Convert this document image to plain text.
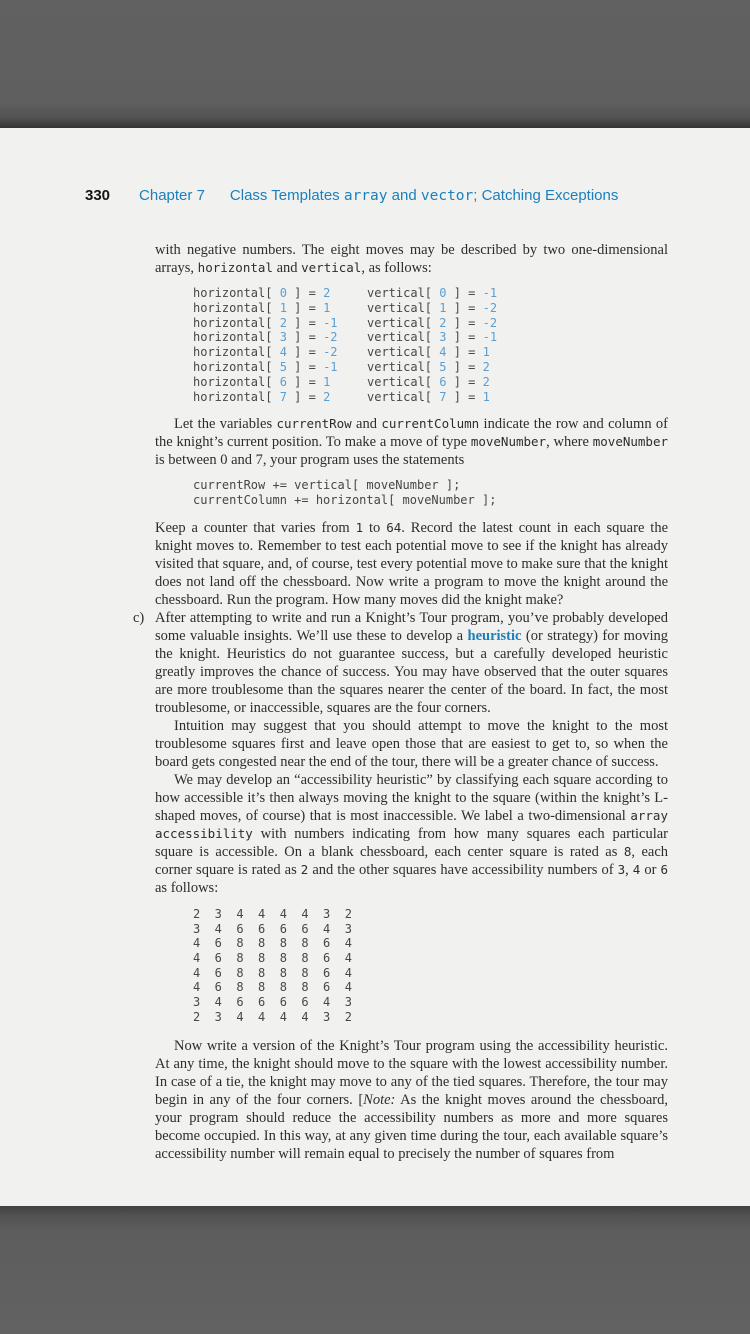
330 Chapter 7 Class Templates array and vector; Catching Exceptions
with negative numbers. The eight moves may be described by two one-dimensional arrays, horizontal and vertical, as follows:
horizontal[ 0 ] = 2	vertical[ 0 ] = -1
horizontal[ 1 ] = 1	vertical[ 1 ] = -2
horizontal[ 2 ] = -1 vertical[ 2 ] = -2
horizontal[ 3 ] = -2 vertical[ 3 ] = -1
horizontal[ 4 ] = -2 vertical[ 4 ] = 1
horizontal[ 5 ] = -1 vertical[ 5 ] = 2
horizontal[ 6 ] = 1	vertical[ 6 ] = 2
horizontal[ 7 ] = 2	vertical[ 7 ] = 1
Let the variables currentRow and currentColumn indicate the row and column of the knight’s current position. To make a move of type moveNumber, where moveNumber is between 0 and 7, your program uses the statements
currentRow += vertical[ moveNumber ];
currentColumn += horizontal[ moveNumber ];
Keep a counter that varies from 1 to 64. Record the latest count in each square the knight moves to. Remember to test each potential move to see if the knight has already visited that square, and, of course, test every potential move to make sure that the knight does not land off the chessboard. Now write a program to move the knight around the chessboard. Run the program. How many moves did the knight make?
c) After attempting to write and run a Knight’s Tour program, you’ve probably developed some valuable insights. We’ll use these to develop a heuristic (or strategy) for moving the knight. Heuristics do not guarantee success, but a carefully developed heuristic greatly improves the chance of success. You may have observed that the outer squares are more troublesome than the squares nearer the center of the board. In fact, the most troublesome, or inaccessible, squares are the four corners.
Intuition may suggest that you should attempt to move the knight to the most troublesome squares first and leave open those that are easiest to get to, so when the board gets congested near the end of the tour, there will be a greater chance of success.
We may develop an “accessibility heuristic” by classifying each square according to how accessible it’s then always moving the knight to the square (within the knight’s L-shaped moves, of course) that is most inaccessible. We label a two-dimensional array accessibility with numbers indicating from how many squares each particular square is accessible. On a blank chessboard, each center square is rated as 8, each corner square is rated as 2 and the other squares have accessibility numbers of 3, 4 or 6 as follows:
2  3  4  4  4  4  3  2
3  4  6  6  6  6  4  3
4  6  8  8  8  8  6  4
4  6  8  8  8  8  6  4
4  6  8  8  8  8  6  4
4  6  8  8  8  8  6  4
3  4  6  6  6  6  4  3
2  3  4  4  4  4  3  2
Now write a version of the Knight’s Tour program using the accessibility heuristic. At any time, the knight should move to the square with the lowest accessibility number. In case of a tie, the knight may move to any of the tied squares. Therefore, the tour may begin in any of the four corners. [Note: As the knight moves around the chessboard, your program should reduce the accessibility numbers as more and more squares become occupied. In this way, at any given time during the tour, each available square’s accessibility number will remain equal to precisely the number of squares from
